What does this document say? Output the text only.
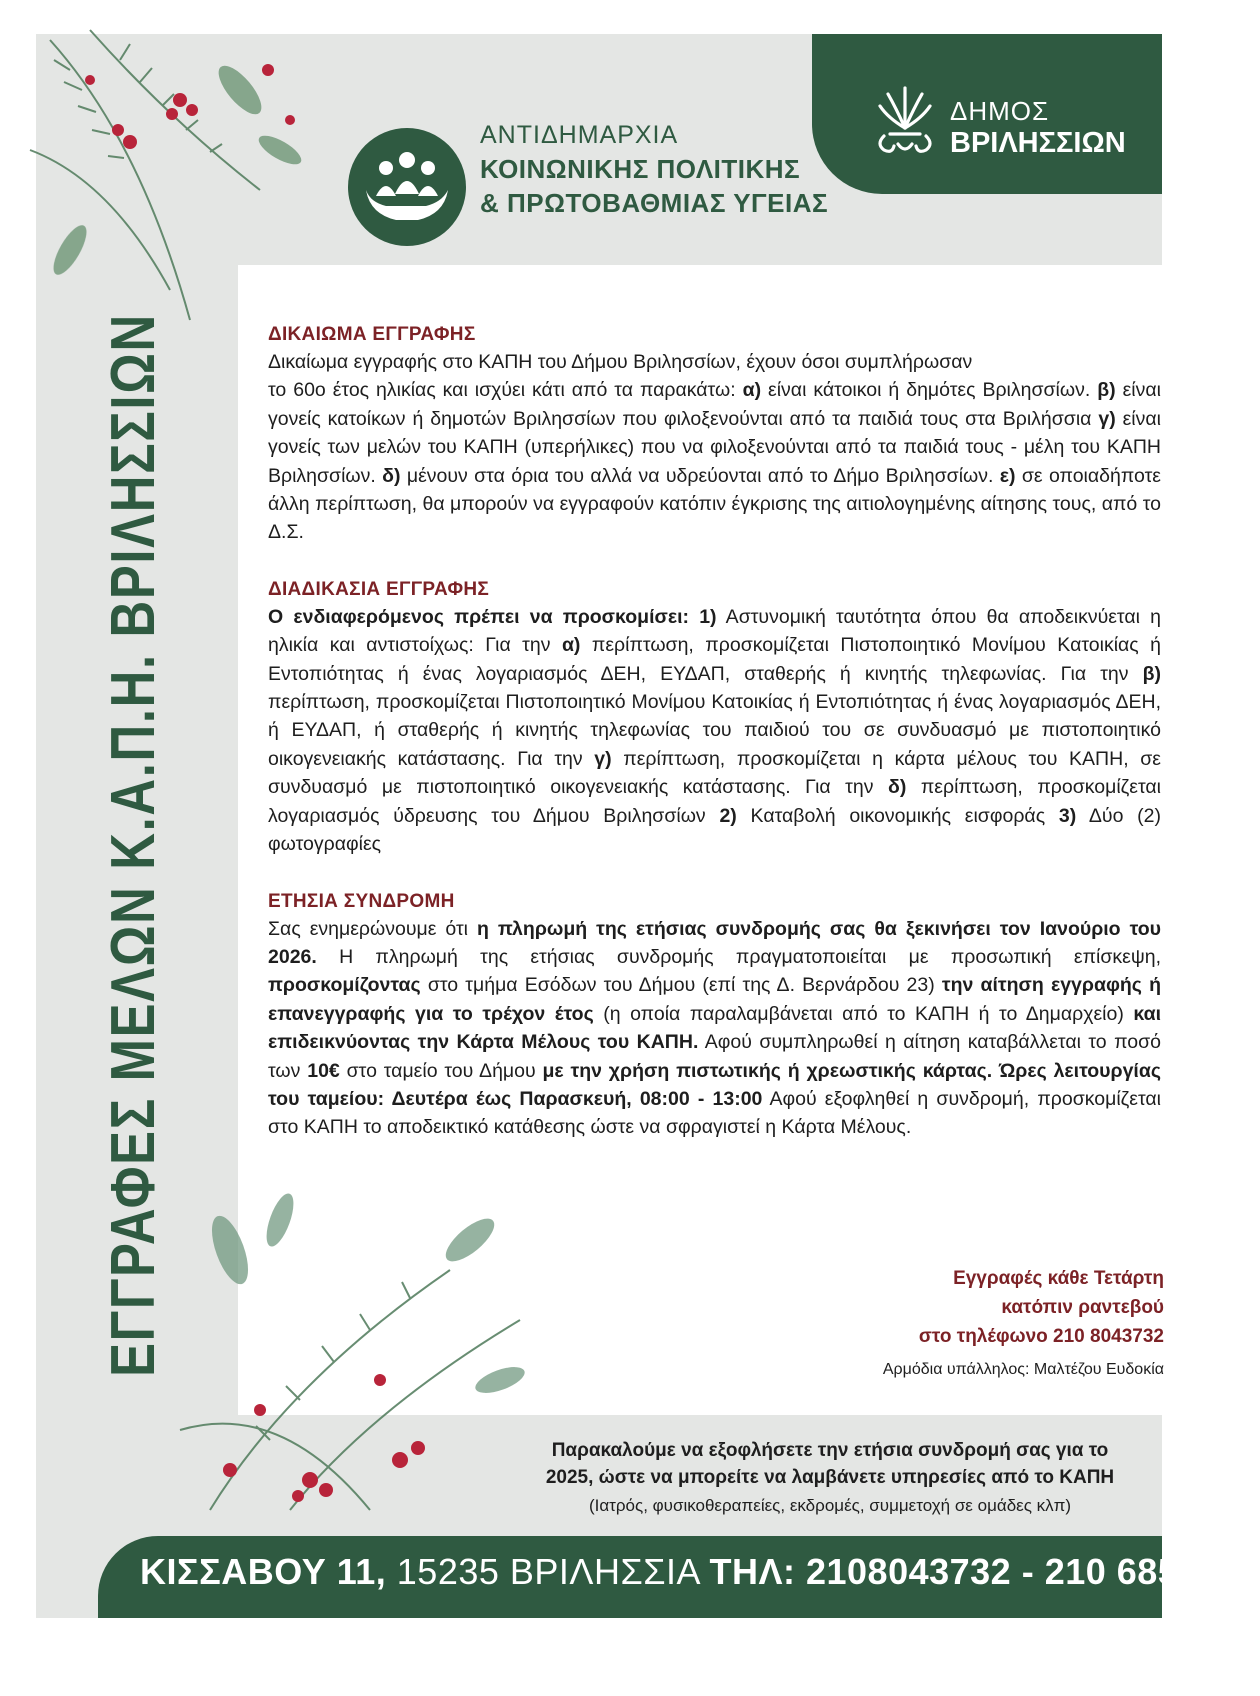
ΕΓΓΡΑΦΕΣ ΜΕΛΩΝ Κ.Α.Π.Η. ΒΡΙΛΗΣΣΙΩΝ
ΑΝΤΙΔΗΜΑΡΧΙΑ
ΚΟΙΝΩΝΙΚΗΣ ΠΟΛΙΤΙΚΗΣ
& ΠΡΩΤΟΒΑΘΜΙΑΣ ΥΓΕΙΑΣ
ΔΗΜΟΣ
ΒΡΙΛΗΣΣΙΩΝ
ΔΙΚΑΙΩΜΑ ΕΓΓΡΑΦΗΣ
Δικαίωμα εγγραφής στο ΚΑΠΗ του Δήμου Βριλησσίων, έχουν όσοι συμπλήρωσαν
το 60ο έτος ηλικίας και ισχύει κάτι από τα παρακάτω: α) είναι κάτοικοι ή δημότες Βριλησσίων. β) είναι γονείς κατοίκων ή δημοτών Βριλησσίων που φιλοξενούνται από τα παιδιά τους στα Βριλήσσια γ) είναι γονείς των μελών του ΚΑΠΗ (υπερήλικες) που να φιλοξενούνται από τα παιδιά τους - μέλη του ΚΑΠΗ Βριλησσίων. δ) μένουν στα όρια του αλλά να υδρεύονται από το Δήμο Βριλησσίων. ε) σε οποιαδήποτε άλλη περίπτωση, θα μπορούν να εγγραφούν κατόπιν έγκρισης της αιτιολογημένης αίτησης τους, από το Δ.Σ.
ΔΙΑΔΙΚΑΣΙΑ ΕΓΓΡΑΦΗΣ
Ο ενδιαφερόμενος πρέπει να προσκομίσει: 1) Αστυνομική ταυτότητα όπου θα αποδεικνύεται η ηλικία και αντιστοίχως: Για την α) περίπτωση, προσκομίζεται Πιστοποιητικό Μονίμου Κατοικίας ή Εντοπιότητας ή ένας λογαριασμός ΔΕΗ, ΕΥΔΑΠ, σταθερής ή κινητής τηλεφωνίας. Για την β) περίπτωση, προσκομίζεται Πιστοποιητικό Μονίμου Κατοικίας ή Εντοπιότητας ή ένας λογαριασμός ΔΕΗ, ή ΕΥΔΑΠ, ή σταθερής ή κινητής τηλεφωνίας του παιδιού του σε συνδυασμό με πιστοποιητικό οικογενειακής κατάστασης. Για την γ) περίπτωση, προσκομίζεται η κάρτα μέλους του ΚΑΠΗ, σε συνδυασμό με πιστοποιητικό οικογενειακής κατάστασης. Για την δ) περίπτωση, προσκομίζεται λογαριασμός ύδρευσης του Δήμου Βριλησσίων 2) Καταβολή οικονομικής εισφοράς 3) Δύο (2) φωτογραφίες
ΕΤΗΣΙΑ ΣΥΝΔΡΟΜΗ
Σας ενημερώνουμε ότι η πληρωμή της ετήσιας συνδρομής σας θα ξεκινήσει τον Ιανούριο του 2026. Η πληρωμή της ετήσιας συνδρομής πραγματοποιείται με προσωπική επίσκεψη, προσκομίζοντας στο τμήμα Εσόδων του Δήμου (επί της Δ. Βερνάρδου 23) την αίτηση εγγραφής ή επανεγγραφής για το τρέχον έτος (η οποία παραλαμβάνεται από το ΚΑΠΗ ή το Δημαρχείο) και επιδεικνύοντας την Κάρτα Μέλους του ΚΑΠΗ. Αφού συμπληρωθεί η αίτηση καταβάλλεται το ποσό των 10€ στο ταμείο του Δήμου με την χρήση πιστωτικής ή χρεωστικής κάρτας. Ώρες λειτουργίας του ταμείου: Δευτέρα έως Παρασκευή, 08:00 - 13:00 Αφού εξοφληθεί η συνδρομή, προσκομίζεται στο ΚΑΠΗ το αποδεικτικό κατάθεσης ώστε να σφραγιστεί η Κάρτα Μέλους.
Εγγραφές κάθε Τετάρτη
κατόπιν ραντεβού
στο τηλέφωνο 210 8043732
Αρμόδια υπάλληλος: Μαλτέζου Ευδοκία
Παρακαλούμε να εξοφλήσετε την ετήσια συνδρομή σας για το
2025, ώστε να μπορείτε να λαμβάνετε υπηρεσίες από το ΚΑΠΗ
(Ιατρός, φυσικοθεραπείες, εκδρομές, συμμετοχή σε ομάδες κλπ)
ΚΙΣΣΑΒΟΥ 11, 15235 ΒΡΙΛΗΣΣΙΑ ΤΗΛ: 2108043732 - 210 6856570
